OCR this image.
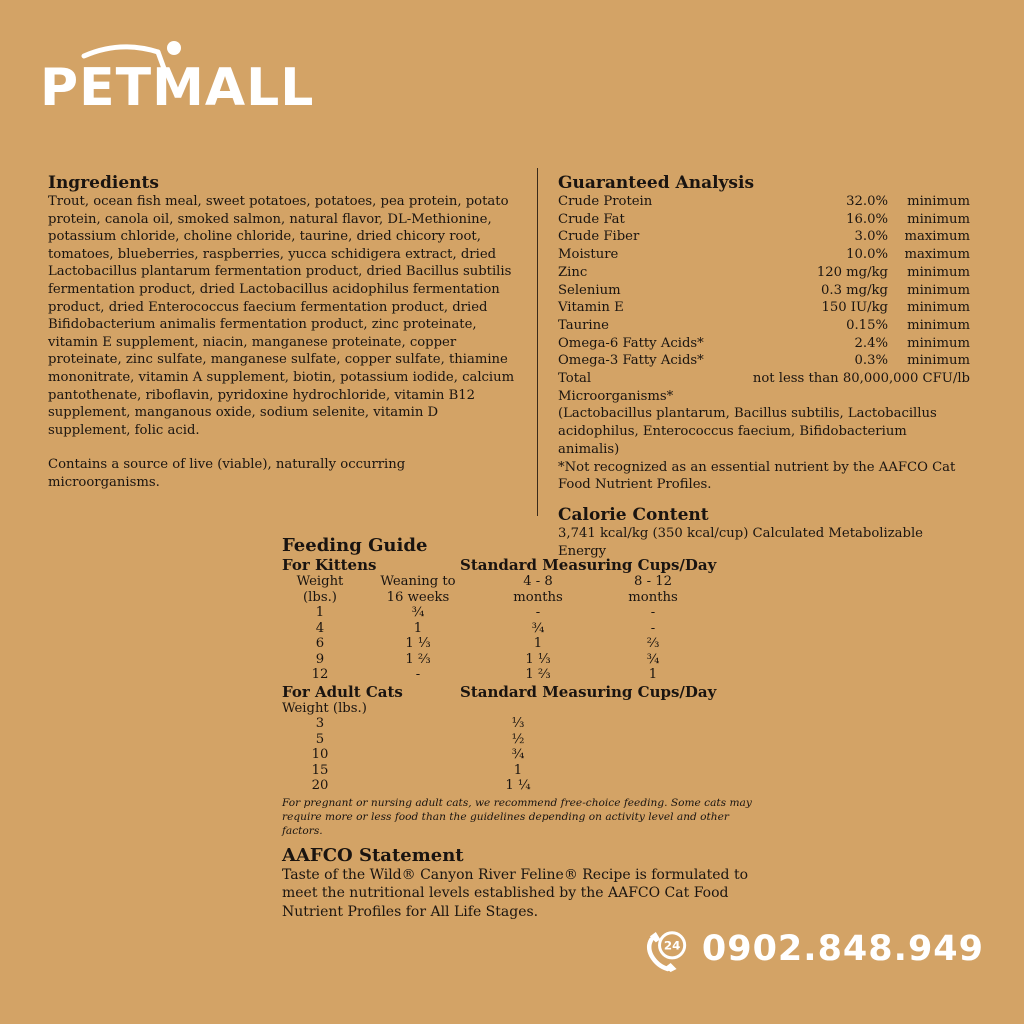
PETMALL
Ingredients

Trout, ocean fish meal, sweet potatoes, potatoes, pea protein, potato protein, canola oil, smoked salmon, natural flavor, DL-Methionine, potassium chloride, choline chloride, taurine, dried chicory root, tomatoes, blueberries, raspberries, yucca schidigera extract, dried Lactobacillus plantarum fermentation product, dried Bacillus subtilis fermentation product, dried Lactobacillus acidophilus fermentation product, dried Enterococcus faecium fermentation product, dried Bifidobacterium animalis fermentation product, zinc proteinate, vitamin E supplement, niacin, manganese proteinate, copper proteinate, zinc sulfate, manganese sulfate, copper sulfate, thiamine mononitrate, vitamin A supplement, biotin, potassium iodide, calcium pantothenate, riboflavin, pyridoxine hydrochloride, vitamin B12 supplement, manganous oxide, sodium selenite, vitamin D supplement, folic acid.

Contains a source of live (viable), naturally occurring microorganisms.

Guaranteed Analysis
Crude Protein	32.0%	minimum
Crude Fat	16.0%	minimum
Crude Fiber	3.0%	maximum
Moisture	10.0%	maximum
Zinc	120 mg/kg	minimum
Selenium	0.3 mg/kg	minimum
Vitamin E	150 IU/kg	minimum
Taurine	0.15%	minimum
Omega-6 Fatty Acids*	2.4%	minimum
Omega-3 Fatty Acids*	0.3%	minimum
Total Microorganisms*
not less than 80,000,000 CFU/lb

(Lactobacillus plantarum, Bacillus subtilis, Lactobacillus acidophilus, Enterococcus faecium, Bifidobacterium animalis)

*Not recognized as an essential nutrient by the AAFCO Cat Food Nutrient Profiles.

Calorie Content

3,741 kcal/kg (350 kcal/cup) Calculated Metabolizable Energy

Feeding Guide
For Kittens	Standard Measuring Cups/Day
Weight	Weaning to	4 - 8	8 - 12
(lbs.)	16 weeks	months	months
1	¾	-	-
4	1	¾	-
6	1 ⅓	1	⅔
9	1 ⅔	1 ⅓	¾
12	-	1 ⅔	1
For Adult Cats	Standard Measuring Cups/Day
Weight (lbs.)
3	⅓
5	½
10	¾
15	1
20	1 ¼
For pregnant or nursing adult cats, we recommend free-choice feeding. Some cats may require more or less food than the guidelines depending on activity level and other factors.
AAFCO Statement

Taste of the Wild® Canyon River Feline® Recipe is formulated to meet the nutritional levels established by the AAFCO Cat Food Nutrient Profiles for All Life Stages.

24 0902.848.949
